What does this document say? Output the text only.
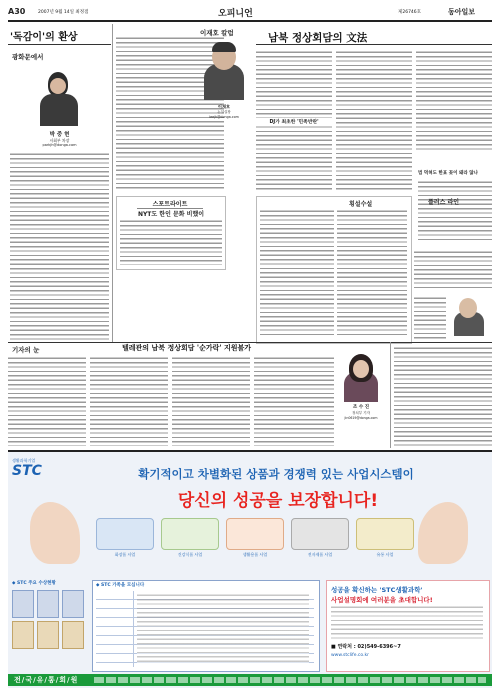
A30	2007년 9월 14일 최정점	오피니언	제26746호	동아일보
'독감이'의 환상
광화문에서
박 중 현
사회부 차장
parkjh@donga.com
이재호 칼럼
이재호
논설실장
leejh@donga.com
스포트라이트
NYT도 한인 문화 비했이
남북 정상회담의 文法
DJ가 최초한 '민족반란'
법 먹혀도 한표 꽂이 돼라 않나
횡설수설	플러스 라인
기자의 눈	텔레관의 남북 정상회담 '순가락' 지원불가
조 수 진
정치부 기자
jin0619@donga.com
생활과학기업
STC	확기적이고 차별화된 상품과 경쟁력 있는 사업시스템이
당신의 성공을 보장합니다!
화장품 사업	건강식품 사업	생활용품 사업	전자제품 사업	유통 사업
◆ STC 주요 수상현황	◆ STC 가족을 모십니다
성공을 확신하는 'STC생활과학'
사업설명회에 여러분을 초대합니다!
■ 연락처 : 02)549-6396~7
www.stclife.co.kr
전/국/유/통/회/원
